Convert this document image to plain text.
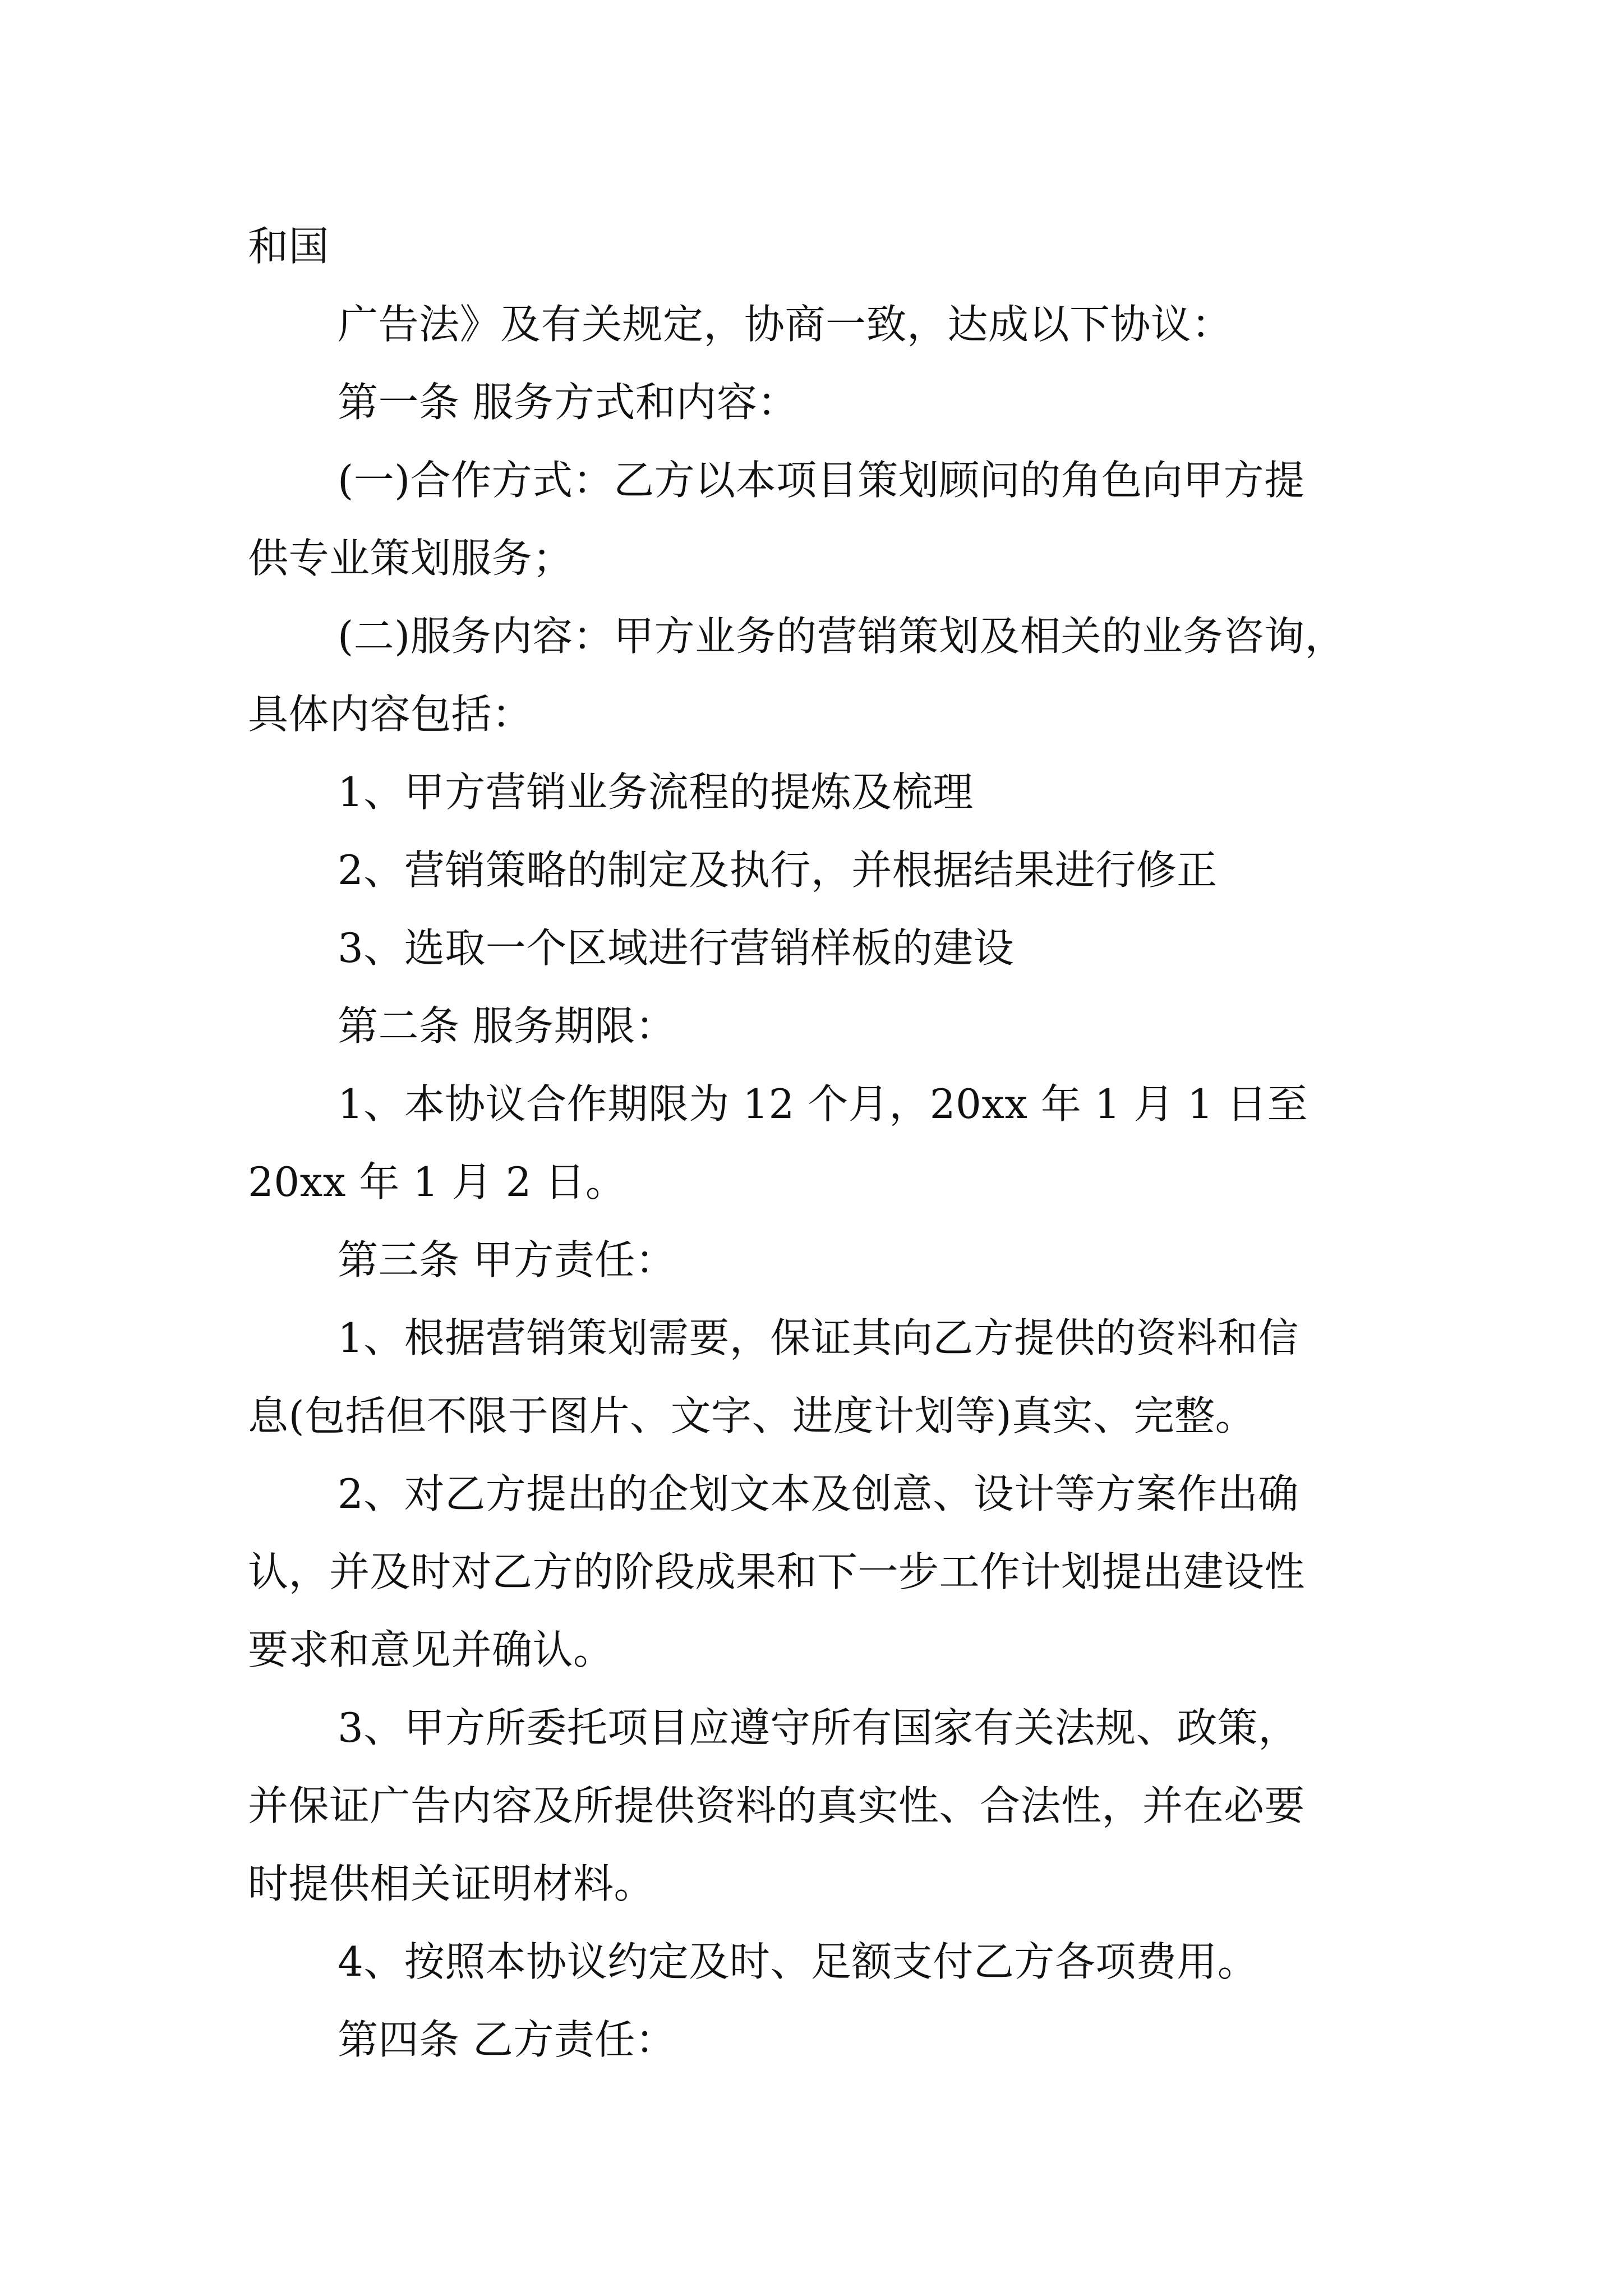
和国
广告法》及有关规定，协商一致，达成以下协议：
第一条 服务方式和内容：
(一)合作方式：乙方以本项目策划顾问的角色向甲方提
供专业策划服务；
(二)服务内容：甲方业务的营销策划及相关的业务咨询，
具体内容包括：
1、甲方营销业务流程的提炼及梳理
2、营销策略的制定及执行，并根据结果进行修正
3、选取一个区域进行营销样板的建设
第二条 服务期限：
1、本协议合作期限为 12 个月，20xx 年 1 月 1 日至
20xx 年 1 月 2 日。
第三条 甲方责任：
1、根据营销策划需要，保证其向乙方提供的资料和信
息(包括但不限于图片、文字、进度计划等)真实、完整。
2、对乙方提出的企划文本及创意、设计等方案作出确
认，并及时对乙方的阶段成果和下一步工作计划提出建设性
要求和意见并确认。
3、甲方所委托项目应遵守所有国家有关法规、政策，
并保证广告内容及所提供资料的真实性、合法性，并在必要
时提供相关证明材料。
4、按照本协议约定及时、足额支付乙方各项费用。
第四条 乙方责任：
